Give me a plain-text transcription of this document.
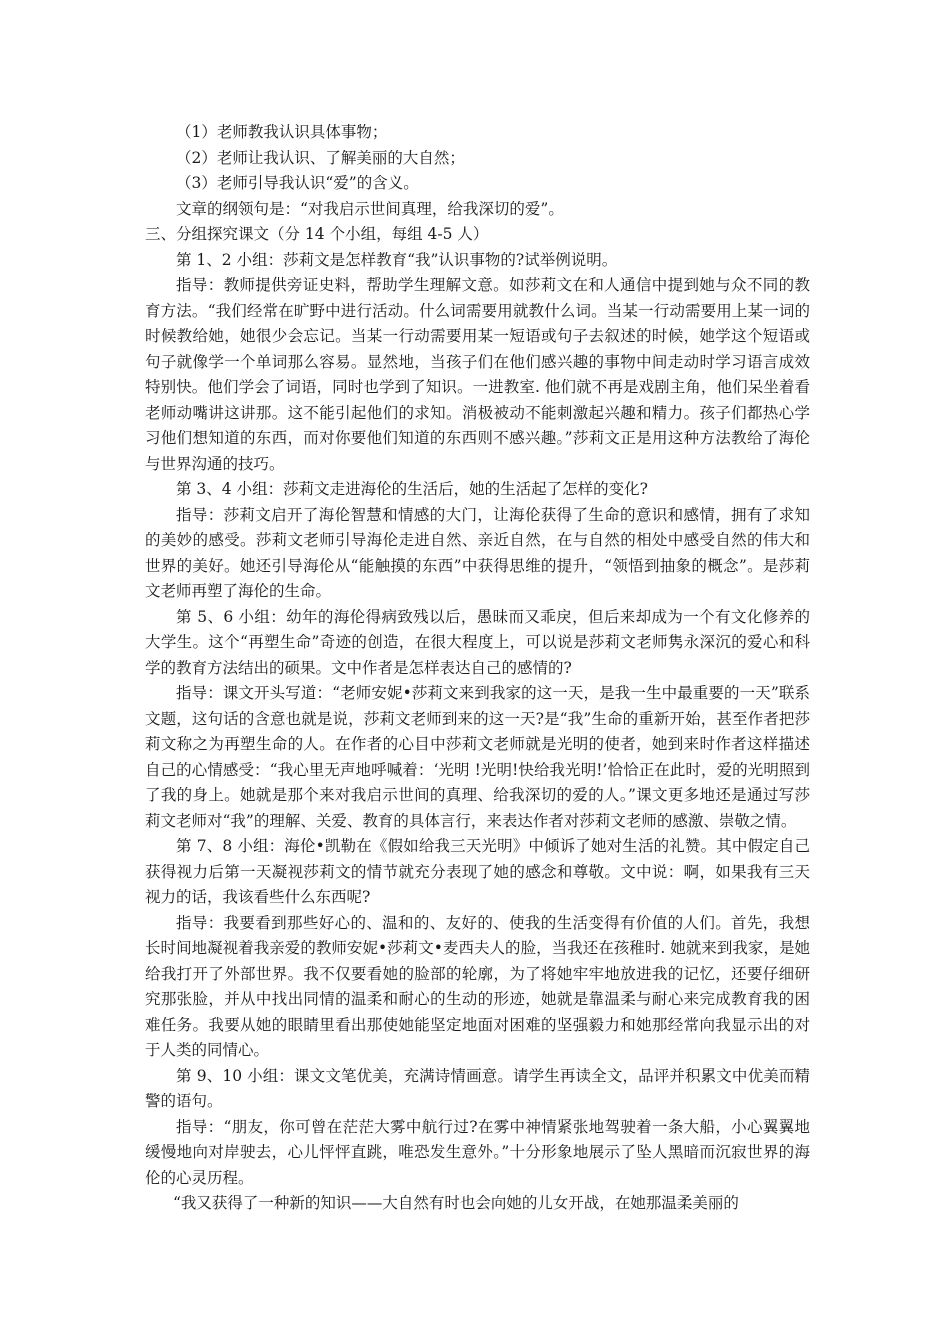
（1）老师教我认识具体事物；

（2）老师让我认识、了解美丽的大自然；

（3）老师引导我认识“爱”的含义。

文章的纲领句是：“对我启示世间真理，给我深切的爱”。

三、分组探究课文（分 14 个小组，每组 4-5 人）

第 1、2 小组：莎莉文是怎样教育“我”认识事物的?试举例说明。

指导：教师提供旁证史料，帮助学生理解文意。如莎莉文在和人通信中提到她与众不同的教育方法。“我们经常在旷野中进行活动。什么词需要用就教什么词。当某一行动需要用上某一词的时候教给她，她很少会忘记。当某一行动需要用某一短语或句子去叙述的时候，她学这个短语或句子就像学一个单词那么容易。显然地，当孩子们在他们感兴趣的事物中间走动时学习语言成效特别快。他们学会了词语，同时也学到了知识。一进教室. 他们就不再是戏剧主角，他们呆坐着看老师动嘴讲这讲那。这不能引起他们的求知。消极被动不能刺激起兴趣和精力。孩子们都热心学习他们想知道的东西，而对你要他们知道的东西则不感兴趣。”莎莉文正是用这种方法教给了海伦与世界沟通的技巧。

第 3、4 小组：莎莉文走进海伦的生活后，她的生活起了怎样的变化?

指导：莎莉文启开了海伦智慧和情感的大门，让海伦获得了生命的意识和感情，拥有了求知的美妙的感受。莎莉文老师引导海伦走进自然、亲近自然，在与自然的相处中感受自然的伟大和世界的美好。她还引导海伦从“能触摸的东西”中获得思维的提升，“领悟到抽象的概念”。是莎莉文老师再塑了海伦的生命。

第 5、6 小组：幼年的海伦得病致残以后，愚昧而又乖戾，但后来却成为一个有文化修养的大学生。这个“再塑生命”奇迹的创造，在很大程度上，可以说是莎莉文老师隽永深沉的爱心和科学的教育方法结出的硕果。文中作者是怎样表达自己的感情的?

指导：课文开头写道：“老师安妮•莎莉文来到我家的这一天，是我一生中最重要的一天”联系文题，这句话的含意也就是说，莎莉文老师到来的这一天?是“我”生命的重新开始，甚至作者把莎莉文称之为再塑生命的人。在作者的心目中莎莉文老师就是光明的使者，她到来时作者这样描述自己的心情感受：“我心里无声地呼喊着：‘光明 !光明!快给我光明!’恰恰正在此时，爱的光明照到了我的身上。她就是那个来对我启示世间的真理、给我深切的爱的人。”课文更多地还是通过写莎莉文老师对“我”的理解、关爱、教育的具体言行，来表达作者对莎莉文老师的感激、崇敬之情。

第 7、8 小组：海伦•凯勒在《假如给我三天光明》中倾诉了她对生活的礼赞。其中假定自己获得视力后第一天凝视莎莉文的情节就充分表现了她的感念和尊敬。文中说：啊，如果我有三天视力的话，我该看些什么东西呢?

指导：我要看到那些好心的、温和的、友好的、使我的生活变得有价值的人们。首先，我想长时间地凝视着我亲爱的教师安妮•莎莉文•麦西夫人的脸，当我还在孩稚时. 她就来到我家，是她给我打开了外部世界。我不仅要看她的脸部的轮廓，为了将她牢牢地放进我的记忆，还要仔细研究那张脸，并从中找出同情的温柔和耐心的生动的形迹，她就是靠温柔与耐心来完成教育我的困难任务。我要从她的眼睛里看出那使她能坚定地面对困难的坚强毅力和她那经常向我显示出的对于人类的同情心。

第 9、10 小组：课文文笔优美，充满诗情画意。请学生再读全文，品评并积累文中优美而精警的语句。

指导：“朋友，你可曾在茫茫大雾中航行过?在雾中神情紧张地驾驶着一条大船，小心翼翼地缓慢地向对岸驶去，心儿怦怦直跳，唯恐发生意外。”十分形象地展示了坠人黑暗而沉寂世界的海伦的心灵历程。

“我又获得了一种新的知识——大自然有时也会向她的儿女开战，在她那温柔美丽的
